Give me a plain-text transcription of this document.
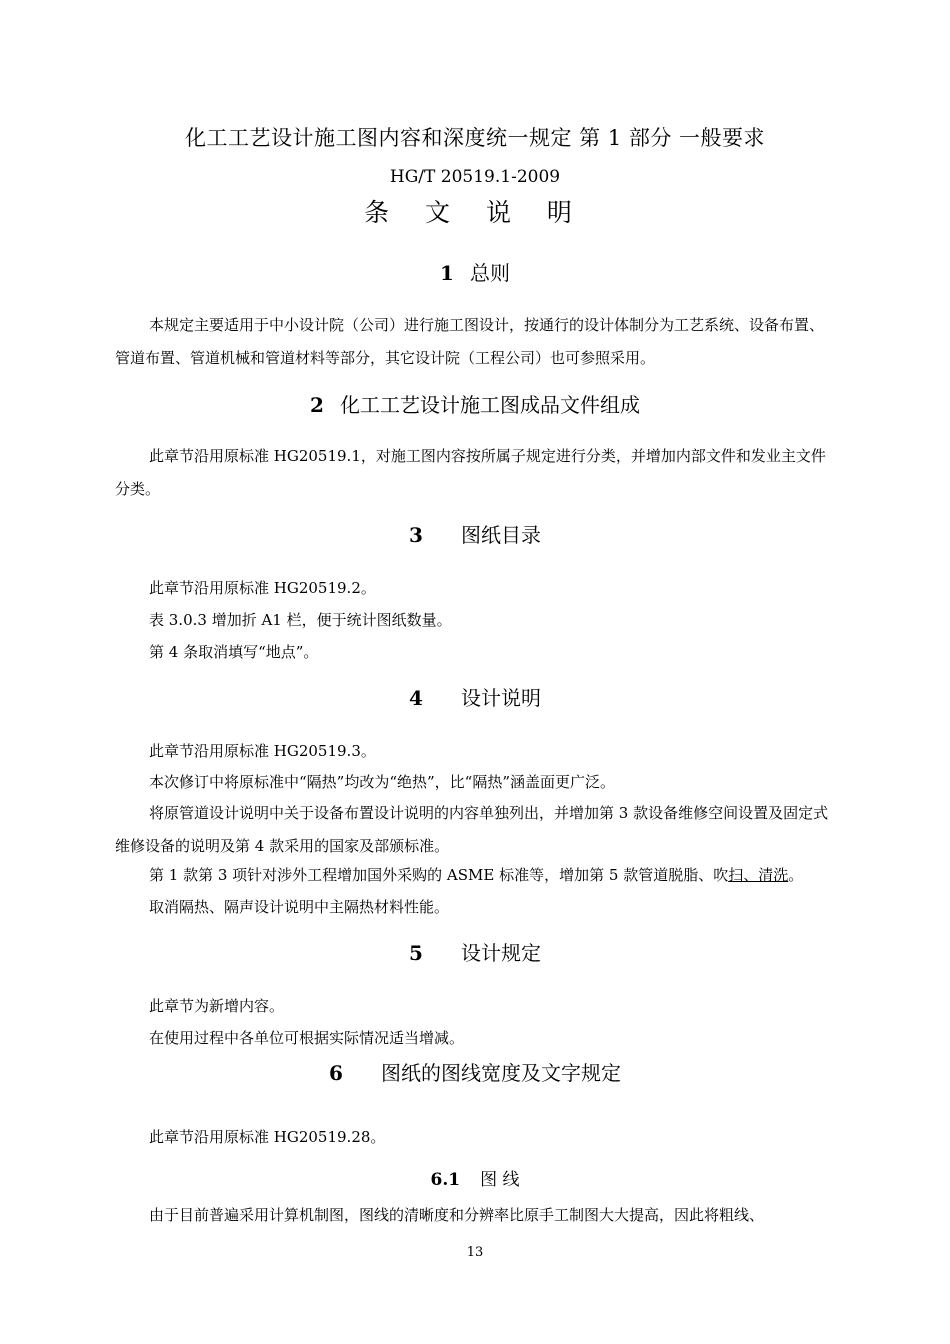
化工工艺设计施工图内容和深度统一规定 第 1 部分 一般要求
HG/T 20519.1-2009
条 文 说 明
1 总则
本规定主要适用于中小设计院（公司）进行施工图设计，按通行的设计体制分为工艺系统、设备布置、管道布置、管道机械和管道材料等部分，其它设计院（工程公司）也可参照采用。
2 化工工艺设计施工图成品文件组成
此章节沿用原标准 HG20519.1，对施工图内容按所属子规定进行分类，并增加内部文件和发业主文件分类。
3 图纸目录
此章节沿用原标准 HG20519.2。
表 3.0.3 增加折 A1 栏，便于统计图纸数量。
第 4 条取消填写“地点”。
4 设计说明
此章节沿用原标准 HG20519.3。
本次修订中将原标准中“隔热”均改为“绝热”，比“隔热”涵盖面更广泛。
将原管道设计说明中关于设备布置设计说明的内容单独列出，并增加第 3 款设备维修空间设置及固定式维修设备的说明及第 4 款采用的国家及部颁标准。
第 1 款第 3 项针对涉外工程增加国外采购的 ASME 标准等，增加第 5 款管道脱脂、吹扫、清洗。
取消隔热、隔声设计说明中主隔热材料性能。
5 设计规定
此章节为新增内容。
在使用过程中各单位可根据实际情况适当增减。
6 图纸的图线宽度及文字规定
此章节沿用原标准 HG20519.28。
6.1 图 线
由于目前普遍采用计算机制图，图线的清晰度和分辨率比原手工制图大大提高，因此将粗线、
13
